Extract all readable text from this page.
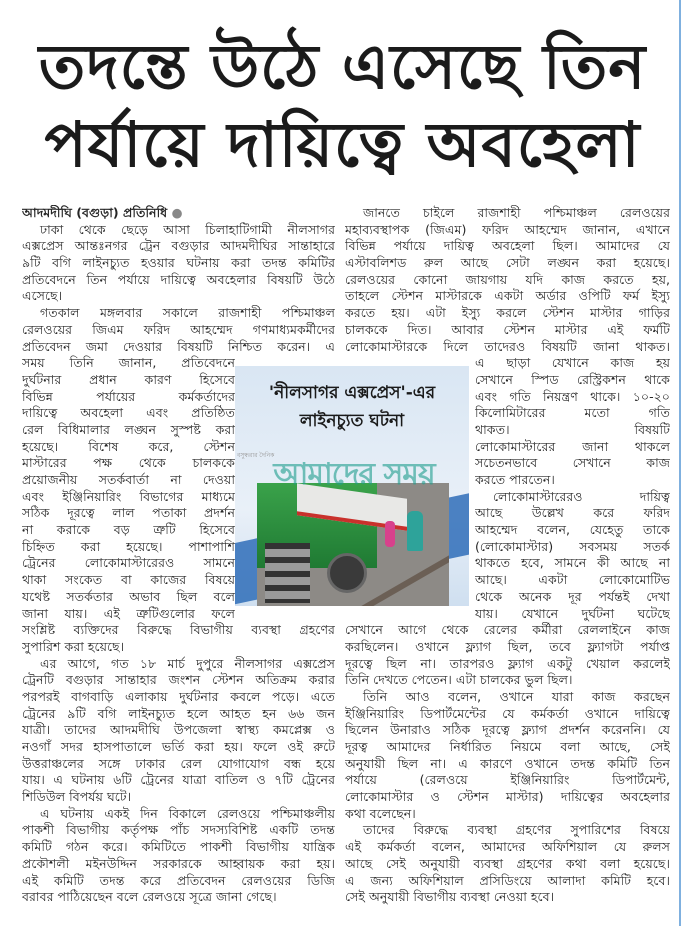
তদন্তে উঠে এসেছে তিন
পর্যায়ে দায়িত্বে অবহেলা
আদমদীঘি (বগুড়া) প্রতিনিধি ●
ঢাকা থেকে ছেড়ে আসা চিলাহাটিগামী নীলসাগর
এক্সপ্রেস আন্তঃনগর ট্রেন বগুড়ার আদমদীঘির সান্তাহারে
৯টি বগি লাইনচ্যুত হওয়ার ঘটনায় করা তদন্ত কমিটির
প্রতিবেদনে তিন পর্যায়ে দায়িত্বে অবহেলার বিষয়টি উঠে
এসেছে।
গতকাল মঙ্গলবার সকালে রাজশাহী পশ্চিমাঞ্চল
রেলওয়ের জিএম ফরিদ আহম্মেদ গণমাধ্যমকর্মীদের
প্রতিবেদন জমা দেওয়ার বিষয়টি নিশ্চিত করেন। এ
সময় তিনি জানান, প্রতিবেদনে
দুর্ঘটনার প্রধান কারণ হিসেবে
বিভিন্ন পর্যায়ের কর্মকর্তাদের
দায়িত্বে অবহেলা এবং প্রতিষ্ঠিত
রেল বিধিমালার লঙ্ঘন সুস্পষ্ট করা
হয়েছে। বিশেষ করে, স্টেশন
মাস্টারের পক্ষ থেকে চালককে
প্রয়োজনীয় সতর্কবার্তা না দেওয়া
এবং ইঞ্জিনিয়ারিং বিভাগের মাধ্যমে
সঠিক দূরত্বে লাল পতাকা প্রদর্শন
না করাকে বড় ত্রুটি হিসেবে
চিহ্নিত করা হয়েছে। পাশাপাশি
ট্রেনের লোকোমাস্টারেরও সামনে
থাকা সংকেত বা কাজের বিষয়ে
যথেষ্ট সতর্কতার অভাব ছিল বলে
জানা যায়। এই ত্রুটিগুলোর ফলে
সংশ্লিষ্ট ব্যক্তিদের বিরুদ্ধে বিভাগীয় ব্যবস্থা গ্রহণের
সুপারিশ করা হয়েছে।
এর আগে, গত ১৮ মার্চ দুপুরে নীলসাগর এক্সপ্রেস
ট্রেনটি বগুড়ার সান্তাহার জংশন স্টেশন অতিক্রম করার
পরপরই বাগবাড়ি এলাকায় দুর্ঘটনার কবলে পড়ে। এতে
ট্রেনের ৯টি বগি লাইনচ্যুত হলে আহত হন ৬৬ জন
যাত্রী। তাদের আদমদীঘি উপজেলা স্বাস্থ্য কমপ্লেক্স ও
নওগাঁ সদর হাসপাতালে ভর্তি করা হয়। ফলে ওই রুটে
উত্তরাঞ্চলের সঙ্গে ঢাকার রেল যোগাযোগ বন্ধ হয়ে
যায়। এ ঘটনায় ৬টি ট্রেনের যাত্রা বাতিল ও ৭টি ট্রেনের
শিডিউল বিপর্যয় ঘটে।
এ ঘটনায় একই দিন বিকালে রেলওয়ে পশ্চিমাঞ্চলীয়
পাকশী বিভাগীয় কর্তৃপক্ষ পাঁচ সদস্যবিশিষ্ট একটি তদন্ত
কমিটি গঠন করে। কমিটিতে পাকশী বিভাগীয় যান্ত্রিক
প্রকৌশলী মইনউদ্দিন সরকারকে আহ্বায়ক করা হয়।
এই কমিটি তদন্ত করে প্রতিবেদন রেলওয়ের ডিজি
বরাবর পাঠিয়েছেন বলে রেলওয়ে সূত্রে জানা গেছে।
জানতে চাইলে রাজশাহী পশ্চিমাঞ্চল রেলওয়ের
মহাব্যবস্থাপক (জিএম) ফরিদ আহম্মেদ জানান, এখানে
বিভিন্ন পর্যায়ে দায়িত্ব অবহেলা ছিল। আমাদের যে
এস্টাবলিশড রুল আছে সেটা লঙ্ঘন করা হয়েছে।
রেলওয়ের কোনো জায়গায় যদি কাজ করতে হয়,
তাহলে স্টেশন মাস্টারকে একটা অর্ডার ওপিটি ফর্ম ইস্যু
করতে হয়। এটা ইস্যু করলে স্টেশন মাস্টার গাড়ির
চালককে দিত। আবার স্টেশন মাস্টার এই ফর্মটি
লোকোমাস্টারকে দিলে তাদেরও বিষয়টি জানা থাকত।
এ ছাড়া যেখানে কাজ হয়
সেখানে স্পিড রেস্ট্রিকশন থাকে
এবং গতি নিয়ন্ত্রণ থাকে। ১০-২০
কিলোমিটারের মতো গতি
থাকত। বিষয়টি
লোকোমাস্টারের জানা থাকলে
সচেতনভাবে সেখানে কাজ
করতে পারতেন।
লোকোমাস্টারেরও দায়িত্ব
আছে উল্লেখ করে ফরিদ
আহম্মেদ বলেন, যেহেতু তাকে
(লোকোমাস্টার) সবসময় সতর্ক
থাকতে হবে, সামনে কী আছে না
আছে। একটা লোকোমোটিভ
থেকে অনেক দূর পর্যন্তই দেখা
যায়। যেখানে দুর্ঘটনা ঘটেছে
সেখানে আগে থেকে রেলের কর্মীরা রেললাইনে কাজ
করছিলেন। ওখানে ফ্ল্যাগ ছিল, তবে ফ্ল্যাগটা পর্যাপ্ত
দূরত্বে ছিল না। তারপরও ফ্ল্যাগ একটু খেয়াল করলেই
তিনি দেখতে পেতেন। এটা চালকের ভুল ছিল।
তিনি আও বলেন, ওখানে যারা কাজ করছেন
ইঞ্জিনিয়ারিং ডিপার্টমেন্টের যে কর্মকর্তা ওখানে দায়িত্বে
ছিলেন উনারাও সঠিক দূরত্বে ফ্ল্যাগ প্রদর্শন করেননি। যে
দূরত্ব আমাদের নির্ধারিত নিয়মে বলা আছে, সেই
অনুযায়ী ছিল না। এ কারণে ওখানে তদন্ত কমিটি তিন
পর্যায়ে (রেলওয়ে ইঞ্জিনিয়ারিং ডিপার্টমেন্ট,
লোকোমাস্টার ও স্টেশন মাস্টার) দায়িত্বের অবহেলার
কথা বলেছেন।
তাদের বিরুদ্ধে ব্যবস্থা গ্রহণের সুপারিশের বিষয়ে
এই কর্মকর্তা বলেন, আমাদের অফিশিয়াল যে রুলস
আছে সেই অনুযায়ী ব্যবস্থা গ্রহণের কথা বলা হয়েছে।
এ জন্য অফিশিয়াল প্রসিডিংয়ে আলাদা কমিটি হবে।
সেই অনুযায়ী বিভাগীয় ব্যবস্থা নেওয়া হবে।
'নীলসাগর এক্সপ্রেস'-এর
লাইনচ্যুত ঘটনা
বসুন্ধরার দৈনিক
আমাদের সময়
